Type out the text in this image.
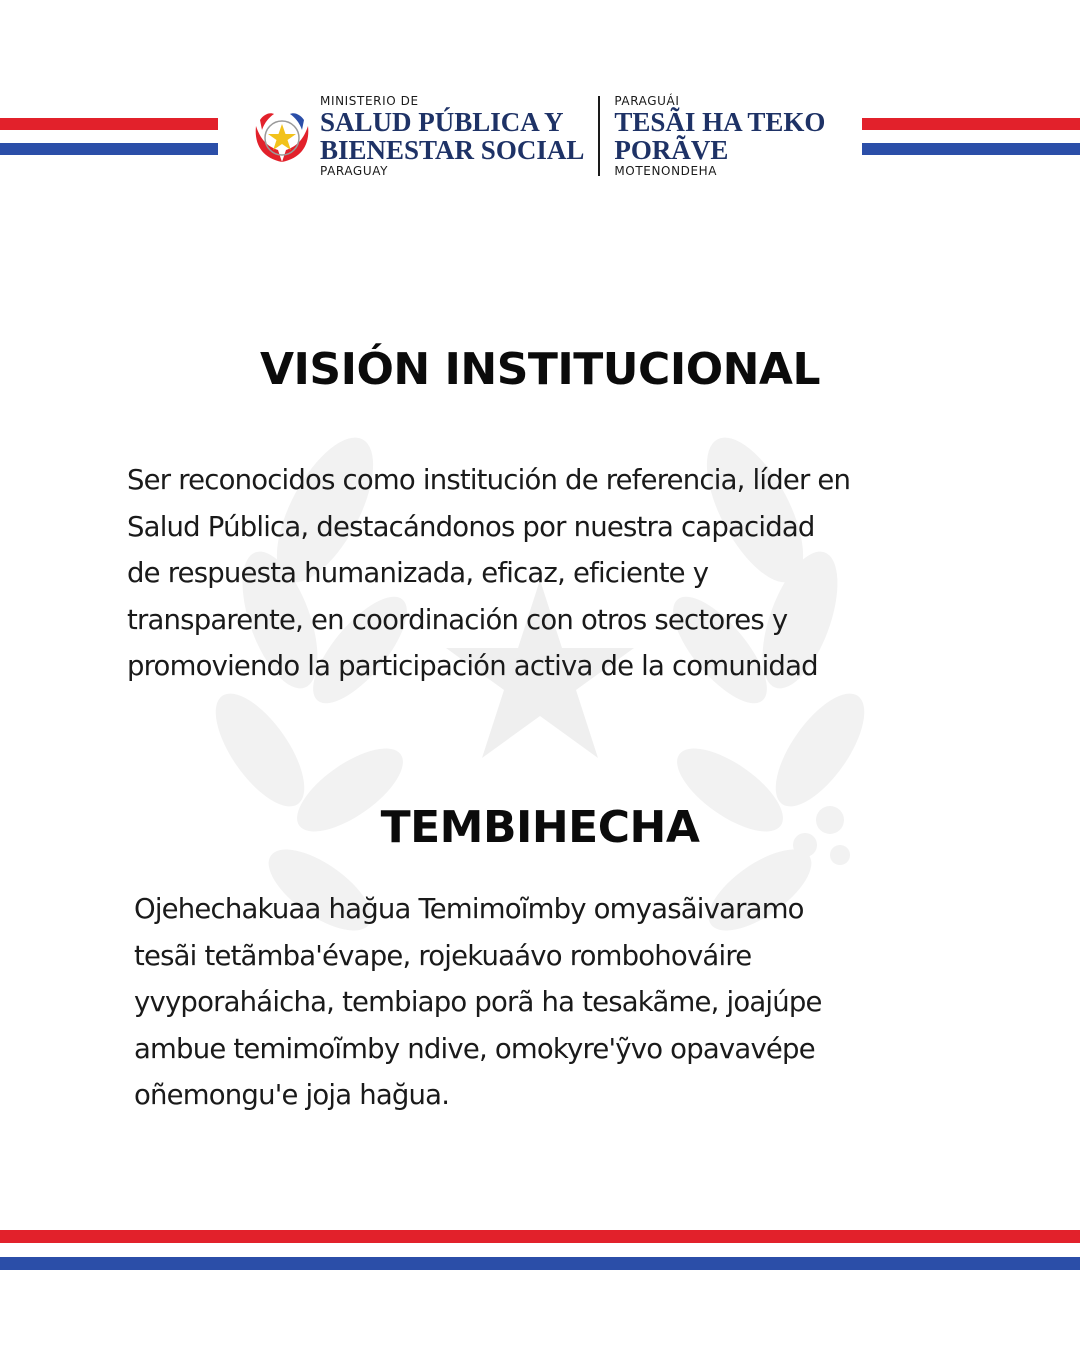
MINISTERIO DE
SALUD PÚBLICA Y
BIENESTAR SOCIAL
PARAGUAY
PARAGUÁI
TESÃI HA TEKO
PORÃVE
MOTENONDEHA
VISIÓN INSTITUCIONAL

Ser reconocidos como institución de referencia, líder en
Salud Pública, destacándonos por nuestra capacidad
de respuesta humanizada, eficaz, eficiente y
transparente, en coordinación con otros sectores y
promoviendo la participación activa de la comunidad

TEMBIHECHA

Ojehechakuaa hağua Temimoĩmby omyasãivaramo
tesãi tetãmba'évape, rojekuaávo rombohováire
yvyporaháicha, tembiapo porã ha tesakãme, joajúpe
ambue temimoĩmby ndive, omokyre'ỹvo opavavépe
oñemongu'e joja hağua.
